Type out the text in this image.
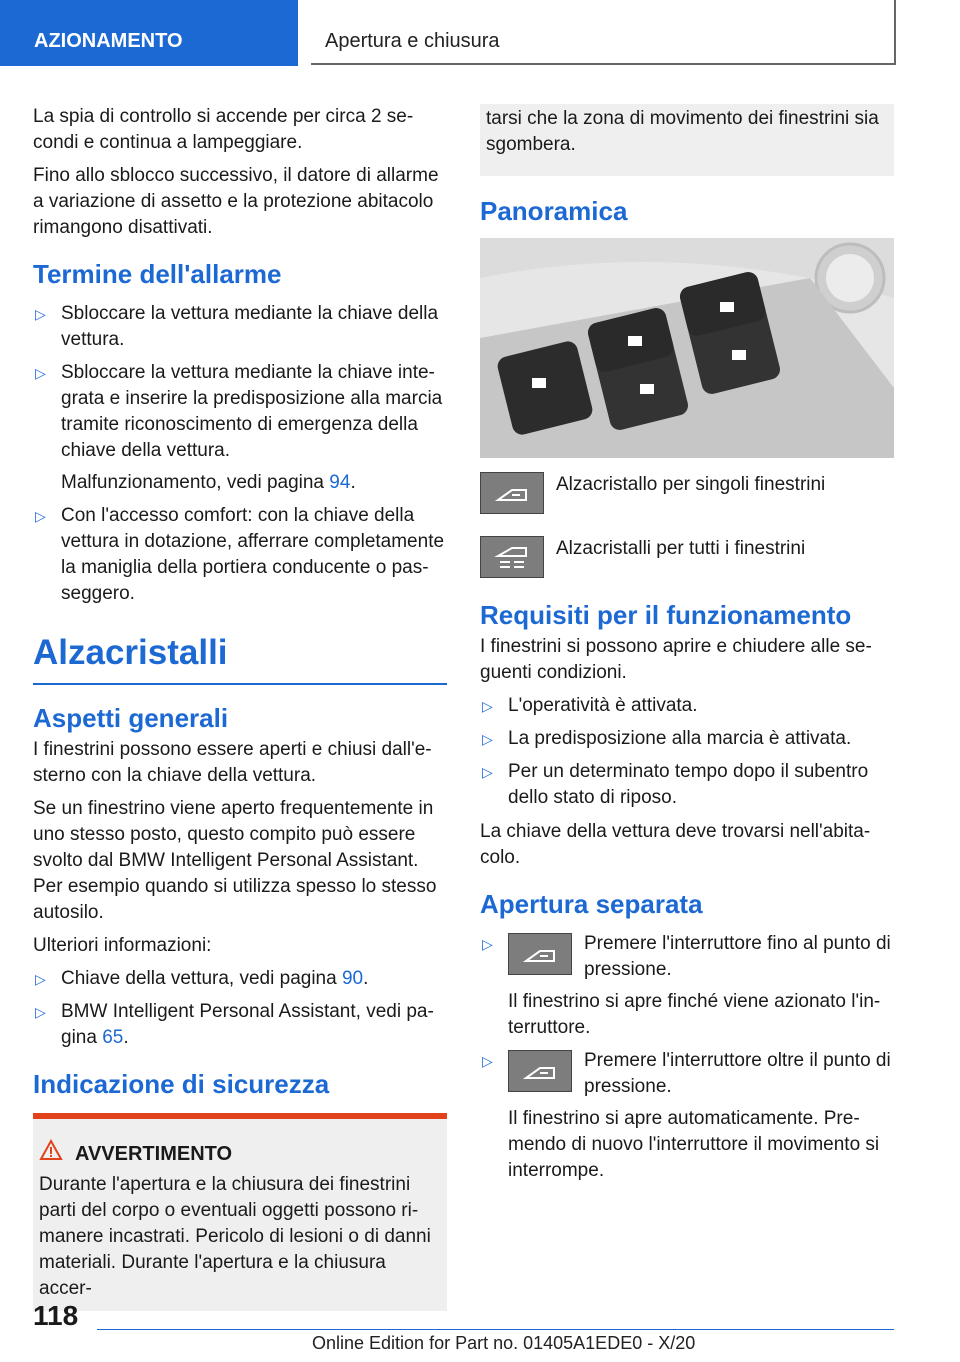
AZIONAMENTO	Apertura e chiusura

La spia di controllo si accende per circa 2 se-condi e continua a lampeggiare.

Fino allo sblocco successivo, il datore di allarme a variazione di assetto e la protezione abitacolo rimangono disattivati.

Termine dell'allarme
▷ Sbloccare la vettura mediante la chiave della vettura.
▷ Sbloccare la vettura mediante la chiave inte-grata e inserire la predisposizione alla marcia tramite riconoscimento di emergenza della chiave della vettura.
Malfunzionamento, vedi pagina 94.
▷ Con l'accesso comfort: con la chiave della vettura in dotazione, afferrare completamente la maniglia della portiera conducente o pas-seggero.
Alzacristalli
Aspetti generali

I finestrini possono essere aperti e chiusi dall'e-sterno con la chiave della vettura.

Se un finestrino viene aperto frequentemente in uno stesso posto, questo compito può essere svolto dal BMW Intelligent Personal Assistant. Per esempio quando si utilizza spesso lo stesso autosilo.

Ulteriori informazioni:

▷ Chiave della vettura, vedi pagina 90.
▷ BMW Intelligent Personal Assistant, vedi pa-gina 65.
Indicazione di sicurezza
AVVERTIMENTO

Durante l'apertura e la chiusura dei finestrini parti del corpo o eventuali oggetti possono ri-manere incastrati. Pericolo di lesioni o di danni materiali. Durante l'apertura e la chiusura accer-

tarsi che la zona di movimento dei finestrini sia sgombera.
Panoramica
Alzacristallo per singoli finestrini
Alzacristalli per tutti i finestrini
Requisiti per il funzionamento

I finestrini si possono aprire e chiudere alle se-guenti condizioni.

▷ L'operatività è attivata.
▷ La predisposizione alla marcia è attivata.
▷ Per un determinato tempo dopo il subentro dello stato di riposo.

La chiave della vettura deve trovarsi nell'abita-colo.

Apertura separata
▷	Premere l'interruttore fino al punto di pressione.

Il finestrino si apre finché viene azionato l'in-terruttore.

▷	Premere l'interruttore oltre il punto di pressione.

Il finestrino si apre automaticamente. Pre-mendo di nuovo l'interruttore il movimento si interrompe.

118
Online Edition for Part no. 01405A1EDE0 - X/20
